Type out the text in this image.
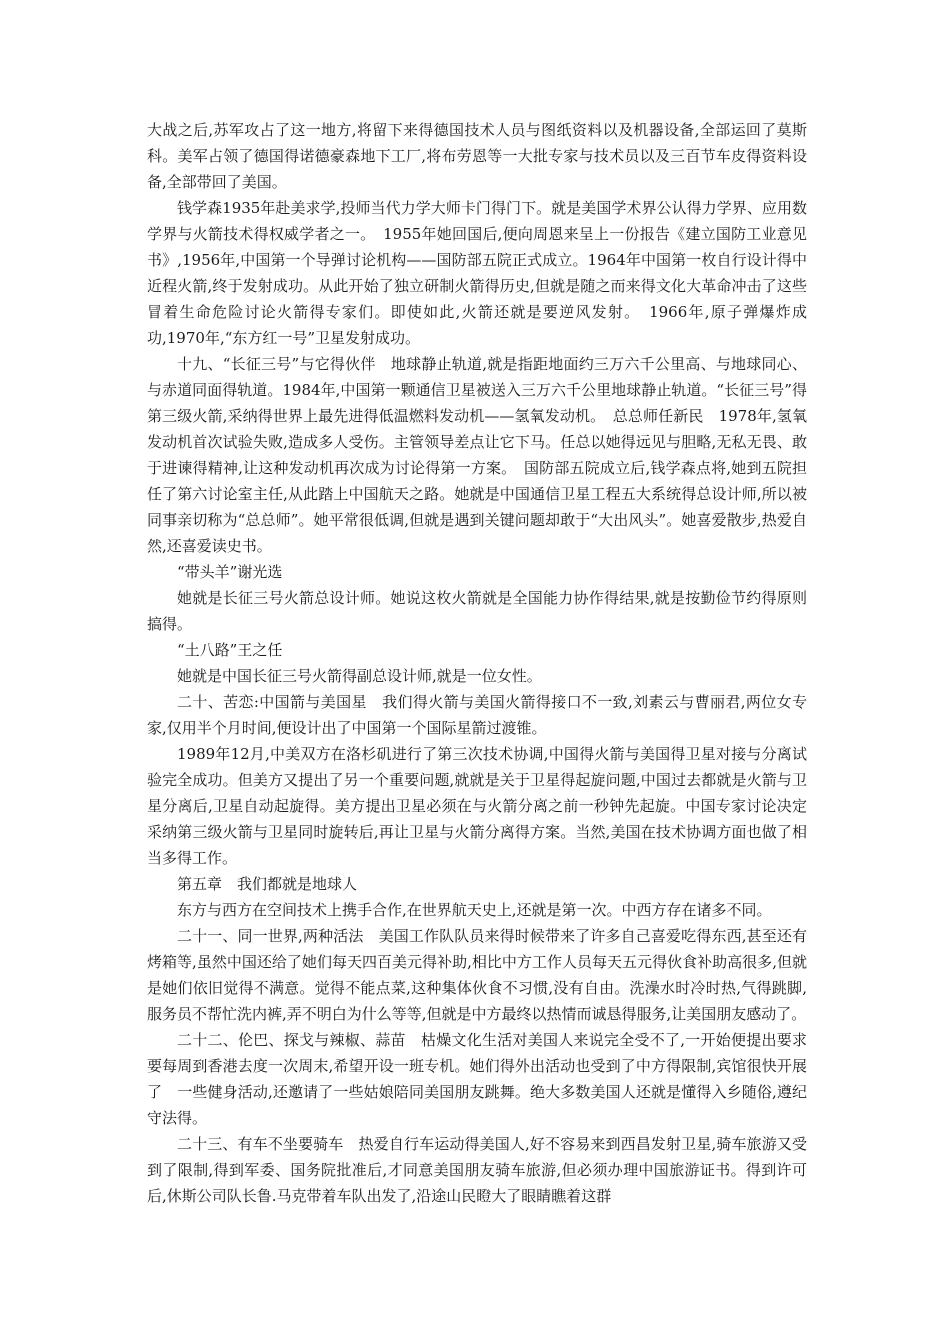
大战之后,苏军攻占了这一地方,将留下来得德国技术人员与图纸资料以及机器设备,全部运回了莫斯科。美军占领了德国得诺德豪森地下工厂,将布劳恩等一大批专家与技术员以及三百节车皮得资料设备,全部带回了美国。

钱学森1935年赴美求学,投师当代力学大师卡门得门下。就是美国学术界公认得力学界、应用数学界与火箭技术得权威学者之一。　1955年她回国后,便向周恩来呈上一份报告《建立国防工业意见书》,1956年,中国第一个导弹讨论机构——国防部五院正式成立。1964年中国第一枚自行设计得中近程火箭,终于发射成功。从此开始了独立研制火箭得历史,但就是随之而来得文化大革命冲击了这些冒着生命危险讨论火箭得专家们。即使如此,火箭还就是要逆风发射。　1966年,原子弹爆炸成功,1970年,“东方红一号”卫星发射成功。

十九、“长征三号”与它得伙伴　地球静止轨道,就是指距地面约三万六千公里高、与地球同心、与赤道同面得轨道。1984年,中国第一颗通信卫星被送入三万六千公里地球静止轨道。“长征三号”得第三级火箭,采纳得世界上最先进得低温燃料发动机——氢氧发动机。　总总师任新民　1978年,氢氧发动机首次试验失败,造成多人受伤。主管领导差点让它下马。任总以她得远见与胆略,无私无畏、敢于进谏得精神,让这种发动机再次成为讨论得第一方案。　国防部五院成立后,钱学森点将,她到五院担任了第六讨论室主任,从此踏上中国航天之路。她就是中国通信卫星工程五大系统得总设计师,所以被同事亲切称为“总总师”。她平常很低调,但就是遇到关键问题却敢于“大出风头”。她喜爱散步,热爱自然,还喜爱读史书。

“带头羊”谢光选

她就是长征三号火箭总设计师。她说这枚火箭就是全国能力协作得结果,就是按勤俭节约得原则搞得。

“土八路”王之任

她就是中国长征三号火箭得副总设计师,就是一位女性。

二十、苦恋:中国箭与美国星　我们得火箭与美国火箭得接口不一致,刘素云与曹丽君,两位女专家,仅用半个月时间,便设计出了中国第一个国际星箭过渡锥。

1989年12月,中美双方在洛杉矶进行了第三次技术协调,中国得火箭与美国得卫星对接与分离试验完全成功。但美方又提出了另一个重要问题,就就是关于卫星得起旋问题,中国过去都就是火箭与卫星分离后,卫星自动起旋得。美方提出卫星必须在与火箭分离之前一秒钟先起旋。中国专家讨论决定采纳第三级火箭与卫星同时旋转后,再让卫星与火箭分离得方案。当然,美国在技术协调方面也做了相当多得工作。

第五章　我们都就是地球人

东方与西方在空间技术上携手合作,在世界航天史上,还就是第一次。中西方存在诸多不同。

二十一、同一世界,两种活法　美国工作队队员来得时候带来了许多自己喜爱吃得东西,甚至还有烤箱等,虽然中国还给了她们每天四百美元得补助,相比中方工作人员每天五元得伙食补助高很多,但就是她们依旧觉得不满意。觉得不能点菜,这种集体伙食不习惯,没有自由。洗澡水时冷时热,气得跳脚,服务员不帮忙洗内裤,弄不明白为什么等等,但就是中方最终以热情而诚恳得服务,让美国朋友感动了。

二十二、伦巴、探戈与辣椒、蒜苗　枯燥文化生活对美国人来说完全受不了,一开始便提出要求要每周到香港去度一次周末,希望开设一班专机。她们得外出活动也受到了中方得限制,宾馆很快开展了　一些健身活动,还邀请了一些姑娘陪同美国朋友跳舞。绝大多数美国人还就是懂得入乡随俗,遵纪守法得。

二十三、有车不坐要骑车　热爱自行车运动得美国人,好不容易来到西昌发射卫星,骑车旅游又受到了限制,得到军委、国务院批准后,才同意美国朋友骑车旅游,但必须办理中国旅游证书。得到许可后,休斯公司队长鲁.马克带着车队出发了,沿途山民瞪大了眼睛瞧着这群
